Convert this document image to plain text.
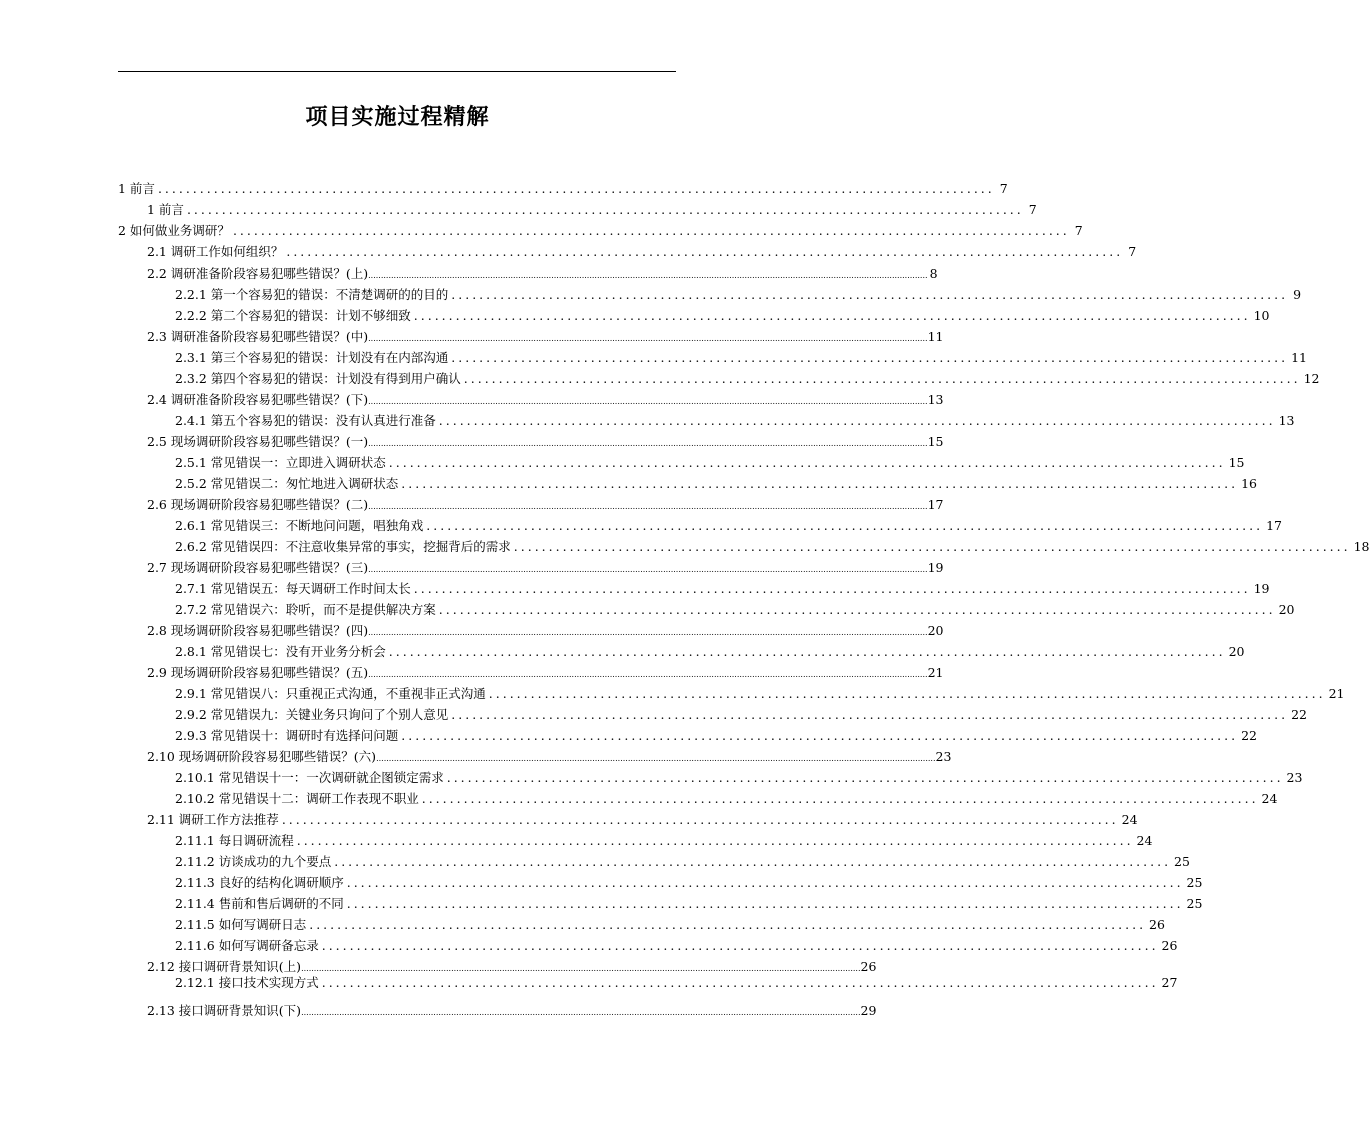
项目实施过程精解
1 前言 ........................................................................................................................ 7
1 前言 ........................................................................................................................ 7
2 如何做业务调研？ ........................................................................................................................ 7
2.1 调研工作如何组织？ ........................................................................................................................ 7
2.2 调研准备阶段容易犯哪些错误？(上) ............................................................................................................................................................................................................................ 8
2.2.1 第一个容易犯的错误：不清楚调研的的目的 ........................................................................................................................ 9
2.2.2 第二个容易犯的错误：计划不够细致 ........................................................................................................................ 10
2.3 调研准备阶段容易犯哪些错误？(中) ............................................................................................................................................................................................................................ 11
2.3.1 第三个容易犯的错误：计划没有在内部沟通 ........................................................................................................................ 11
2.3.2 第四个容易犯的错误：计划没有得到用户确认 ........................................................................................................................ 12
2.4 调研准备阶段容易犯哪些错误？(下) ............................................................................................................................................................................................................................ 13
2.4.1 第五个容易犯的错误：没有认真进行准备 ........................................................................................................................ 13
2.5 现场调研阶段容易犯哪些错误？(一) ............................................................................................................................................................................................................................ 15
2.5.1 常见错误一：立即进入调研状态 ........................................................................................................................ 15
2.5.2 常见错误二：匆忙地进入调研状态 ........................................................................................................................ 16
2.6 现场调研阶段容易犯哪些错误？(二) ............................................................................................................................................................................................................................ 17
2.6.1 常见错误三：不断地问问题，唱独角戏 ........................................................................................................................ 17
2.6.2 常见错误四：不注意收集异常的事实，挖掘背后的需求 ........................................................................................................................ 18
2.7 现场调研阶段容易犯哪些错误？(三) ............................................................................................................................................................................................................................ 19
2.7.1 常见错误五：每天调研工作时间太长 ........................................................................................................................ 19
2.7.2 常见错误六：聆听，而不是提供解决方案 ........................................................................................................................ 20
2.8 现场调研阶段容易犯哪些错误？(四) ............................................................................................................................................................................................................................ 20
2.8.1 常见错误七：没有开业务分析会 ........................................................................................................................ 20
2.9 现场调研阶段容易犯哪些错误？(五) ............................................................................................................................................................................................................................ 21
2.9.1 常见错误八：只重视正式沟通，不重视非正式沟通 ........................................................................................................................ 21
2.9.2 常见错误九：关键业务只询问了个别人意见 ........................................................................................................................ 22
2.9.3 常见错误十：调研时有选择问问题 ........................................................................................................................ 22
2.10 现场调研阶段容易犯哪些错误？(六) ............................................................................................................................................................................................................................ 23
2.10.1 常见错误十一：一次调研就企图锁定需求 ........................................................................................................................ 23
2.10.2 常见错误十二：调研工作表现不职业 ........................................................................................................................ 24
2.11 调研工作方法推荐 ........................................................................................................................ 24
2.11.1 每日调研流程 ........................................................................................................................ 24
2.11.2 访谈成功的九个要点 ........................................................................................................................ 25
2.11.3 良好的结构化调研顺序 ........................................................................................................................ 25
2.11.4 售前和售后调研的不同 ........................................................................................................................ 25
2.11.5 如何写调研日志 ........................................................................................................................ 26
2.11.6 如何写调研备忘录 ........................................................................................................................ 26
2.12 接口调研背景知识(上) ............................................................................................................................................................................................................................ 26
2.12.1 接口技术实现方式 ........................................................................................................................ 27
2.13 接口调研背景知识(下) ............................................................................................................................................................................................................................ 29
